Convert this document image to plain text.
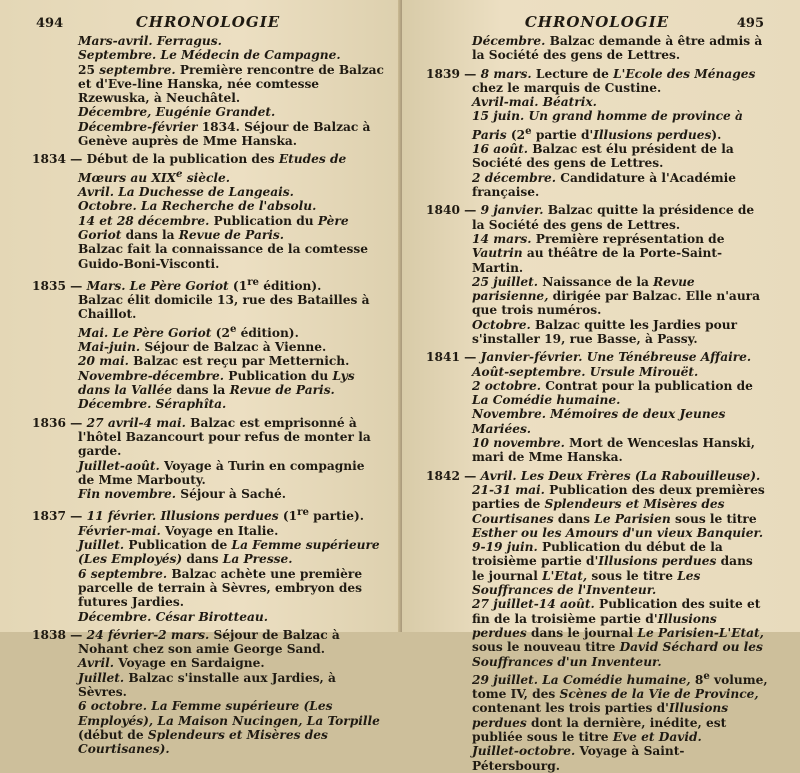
494	CHRONOLOGIE
Mars-avril. Ferragus.
Septembre. Le Médecin de Campagne.
25 septembre. Première rencontre de Balzac et d'Eve-line Hanska, née comtesse Rzewuska, à Neuchâtel.
Décembre, Eugénie Grandet.
Décembre-février 1834. Séjour de Balzac à Genève auprès de Mme Hanska.
1834 — Début de la publication des Etudes de Mœurs au XIXe siècle.
Avril. La Duchesse de Langeais.
Octobre. La Recherche de l'absolu.
14 et 28 décembre. Publication du Père Goriot dans la Revue de Paris.
Balzac fait la connaissance de la comtesse Guido-Boni-Visconti.
1835 — Mars. Le Père Goriot (1re édition).
Balzac élit domicile 13, rue des Batailles à Chaillot.
Mai. Le Père Goriot (2e édition).
Mai-juin. Séjour de Balzac à Vienne.
20 mai. Balzac est reçu par Metternich.
Novembre-décembre. Publication du Lys dans la Vallée dans la Revue de Paris.
Décembre. Séraphîta.
1836 — 27 avril-4 mai. Balzac est emprisonné à l'hôtel Bazancourt pour refus de monter la garde.
Juillet-août. Voyage à Turin en compagnie de Mme Marbouty.
Fin novembre. Séjour à Saché.
1837 — 11 février. Illusions perdues (1re partie).
Février-mai. Voyage en Italie.
Juillet. Publication de La Femme supérieure (Les Employés) dans La Presse.
6 septembre. Balzac achète une première parcelle de terrain à Sèvres, embryon des futures Jardies.
Décembre. César Birotteau.
1838 — 24 février-2 mars. Séjour de Balzac à Nohant chez son amie George Sand.
Avril. Voyage en Sardaigne.
Juillet. Balzac s'installe aux Jardies, à Sèvres.
6 octobre. La Femme supérieure (Les Employés), La Maison Nucingen, La Torpille (début de Splendeurs et Misères des Courtisanes).
CHRONOLOGIE	495
Décembre. Balzac demande à être admis à la Société des gens de Lettres.
1839 — 8 mars. Lecture de L'Ecole des Ménages chez le marquis de Custine.
Avril-mai. Béatrix.
15 juin. Un grand homme de province à Paris (2e partie d'Illusions perdues).
16 août. Balzac est élu président de la Société des gens de Lettres.
2 décembre. Candidature à l'Académie française.
1840 — 9 janvier. Balzac quitte la présidence de la Société des gens de Lettres.
14 mars. Première représentation de Vautrin au théâtre de la Porte-Saint-Martin.
25 juillet. Naissance de la Revue parisienne, dirigée par Balzac. Elle n'aura que trois numéros.
Octobre. Balzac quitte les Jardies pour s'installer 19, rue Basse, à Passy.
1841 — Janvier-février. Une Ténébreuse Affaire.
Août-septembre. Ursule Mirouët.
2 octobre. Contrat pour la publication de La Comédie humaine.
Novembre. Mémoires de deux Jeunes Mariées.
10 novembre. Mort de Wenceslas Hanski, mari de Mme Hanska.
1842 — Avril. Les Deux Frères (La Rabouilleuse).
21-31 mai. Publication des deux premières parties de Splendeurs et Misères des Courtisanes dans Le Parisien sous le titre Esther ou les Amours d'un vieux Banquier.
9-19 juin. Publication du début de la troisième partie d'Illusions perdues dans le journal L'Etat, sous le titre Les Souffrances de l'Inventeur.
27 juillet-14 août. Publication des suite et fin de la troisième partie d'Illusions perdues dans le journal Le Parisien-L'Etat, sous le nouveau titre David Séchard ou les Souffrances d'un Inventeur.
29 juillet. La Comédie humaine, 8e volume, tome IV, des Scènes de la Vie de Province, contenant les trois parties d'Illusions perdues dont la dernière, inédite, est publiée sous le titre Eve et David.
Juillet-octobre. Voyage à Saint-Pétersbourg.
